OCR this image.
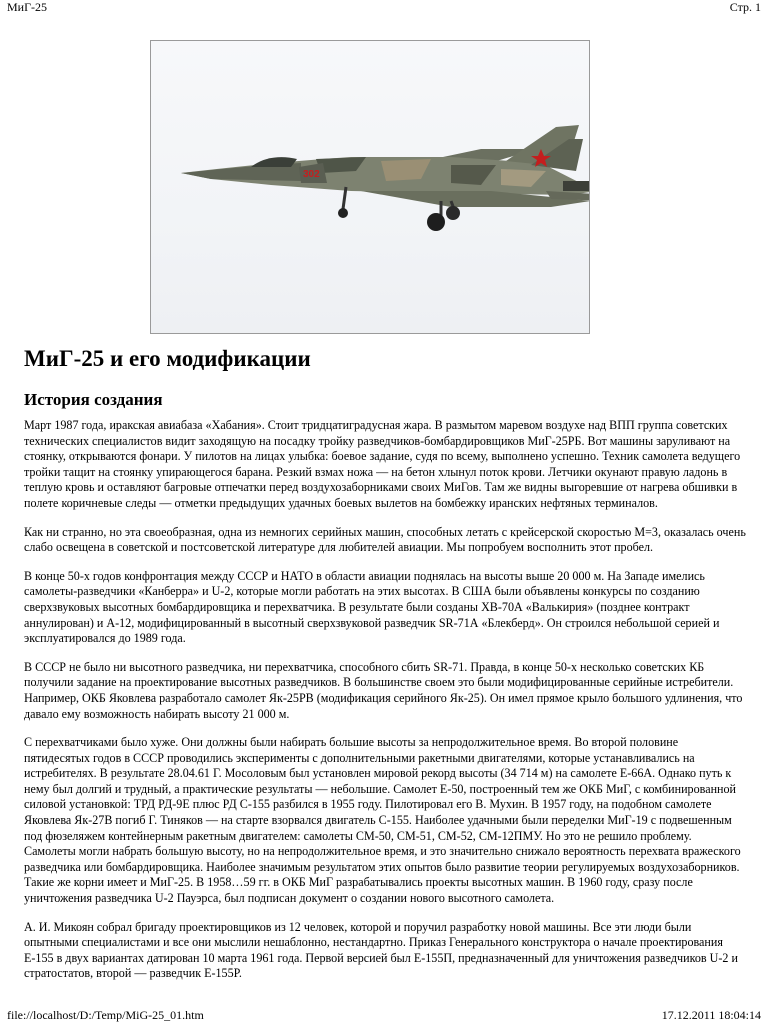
МиГ-25	Стр. 1
302
МиГ-25 и его модификации
История создания

Март 1987 года, иракская авиабаза «Хабания». Стоит тридцатиградусная жара. В размытом маревом воздухе над ВПП группа советских технических специалистов видит заходящую на посадку тройку разведчиков-бомбардировщиков МиГ-25РБ. Вот машины заруливают на стоянку, открываются фонари. У пилотов на лицах улыбка: боевое задание, судя по всему, выполнено успешно. Техник самолета ведущего тройки тащит на стоянку упирающегося барана. Резкий взмах ножа — на бетон хлынул поток крови. Летчики окунают правую ладонь в теплую кровь и оставляют багровые отпечатки перед воздухозаборниками своих МиГов. Там же видны выгоревшие от нагрева обшивки в полете коричневые следы — отметки предыдущих удачных боевых вылетов на бомбежку иранских нефтяных терминалов.

Как ни странно, но эта своеобразная, одна из немногих серийных машин, способных летать с крейсерской скоростью М=3, оказалась очень слабо освещена в советской и постсоветской литературе для любителей авиации. Мы попробуем восполнить этот пробел.

В конце 50-х годов конфронтация между СССР и НАТО в области авиации поднялась на высоты выше 20 000 м. На Западе имелись самолеты-разведчики «Канберра» и U-2, которые могли работать на этих высотах. В США были объявлены конкурсы по созданию сверхзвуковых высотных бомбардировщика и перехватчика. В результате были созданы ХВ-70А «Валькирия» (позднее контракт аннулирован) и А-12, модифицированный в высотный сверхзвуковой разведчик SR-71А «Блекберд». Он строился небольшой серией и эксплуатировался до 1989 года.

В СССР не было ни высотного разведчика, ни перехватчика, способного сбить SR-71. Правда, в конце 50-х несколько советских КБ получили задание на проектирование высотных разведчиков. В большинстве своем это были модифицированные серийные истребители. Например, ОКБ Яковлева разработало самолет Як-25РВ (модификация серийного Як-25). Он имел прямое крыло большого удлинения, что давало ему возможность набирать высоту 21 000 м.

С перехватчиками было хуже. Они должны были набирать большие высоты за непродолжительное время. Во второй половине пятидесятых годов в СССР проводились эксперименты с дополнительными ракетными двигателями, которые устанавливались на истребителях. В результате 28.04.61 Г. Мосоловым был установлен мировой рекорд высоты (34 714 м) на самолете Е-66А. Однако путь к нему был долгий и трудный, а практические результаты — небольшие. Самолет Е-50, построенный тем же ОКБ МиГ, с комбинированной силовой установкой: ТРД РД-9Е плюс РД С-155 разбился в 1955 году. Пилотировал его В. Мухин. В 1957 году, на подобном самолете Яковлева Як-27В погиб Г. Тиняков — на старте взорвался двигатель С-155. Наиболее удачными были переделки МиГ-19 с подвешенным под фюзеляжем контейнерным ракетным двигателем: самолеты СМ-50, СМ-51, СМ-52, СМ-12ПМУ. Но это не решило проблему. Самолеты могли набрать большую высоту, но на непродолжительное время, и это значительно снижало вероятность перехвата вражеского разведчика или бомбардировщика. Наиболее значимым результатом этих опытов было развитие теории регулируемых воздухозаборников. Такие же корни имеет и МиГ-25. В 1958…59 гг. в ОКБ МиГ разрабатывались проекты высотных машин. В 1960 году, сразу после уничтожения разведчика U-2 Пауэрса, был подписан документ о создании нового высотного самолета.

А. И. Микоян собрал бригаду проектировщиков из 12 человек, которой и поручил разработку новой машины. Все эти люди были опытными специалистами и все они мыслили нешаблонно, нестандартно. Приказ Генерального конструктора о начале проектирования Е-155 в двух вариантах датирован 10 марта 1961 года. Первой версией был Е-155П, предназначенный для уничтожения разведчиков U-2 и стратостатов, второй — разведчик Е-155Р.

file://localhost/D:/Temp/MiG-25_01.htm	17.12.2011 18:04:14
